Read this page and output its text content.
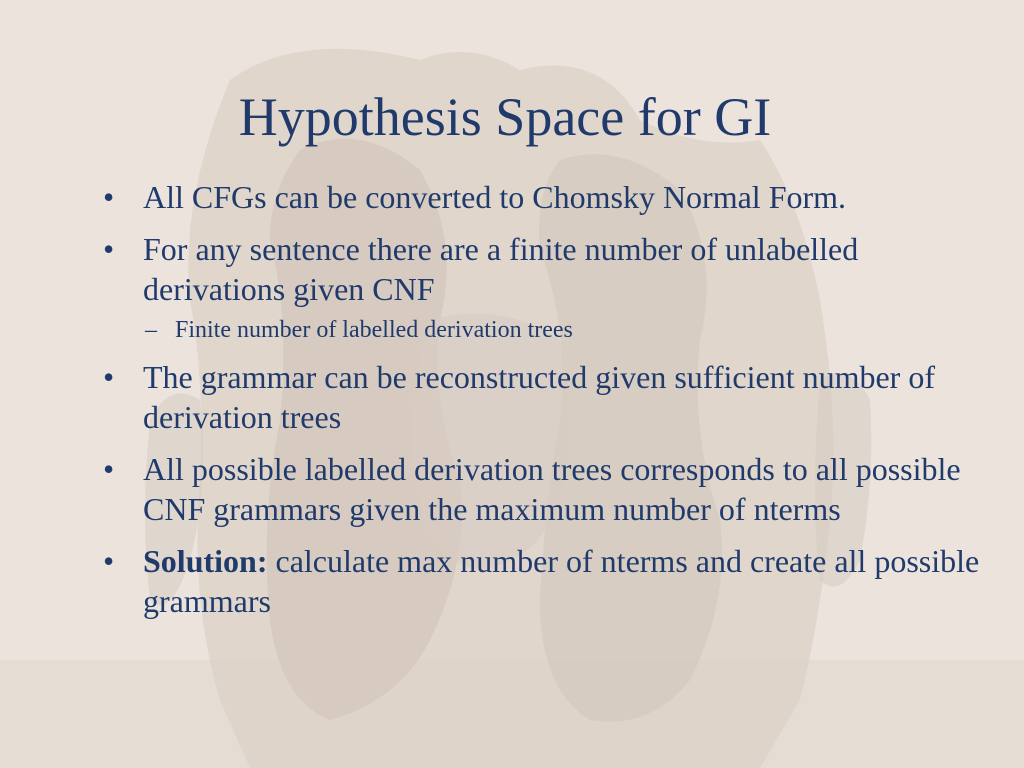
Hypothesis Space for GI
• All CFGs can be converted to Chomsky Normal Form.
• For any sentence there are a finite number of unlabelled derivations given CNF
– Finite number of labelled derivation trees
• The grammar can be reconstructed given sufficient number of derivation trees
• All possible labelled derivation trees corresponds to all possible CNF grammars given the maximum number of nterms
• Solution: calculate max number of nterms and create all possible grammars
